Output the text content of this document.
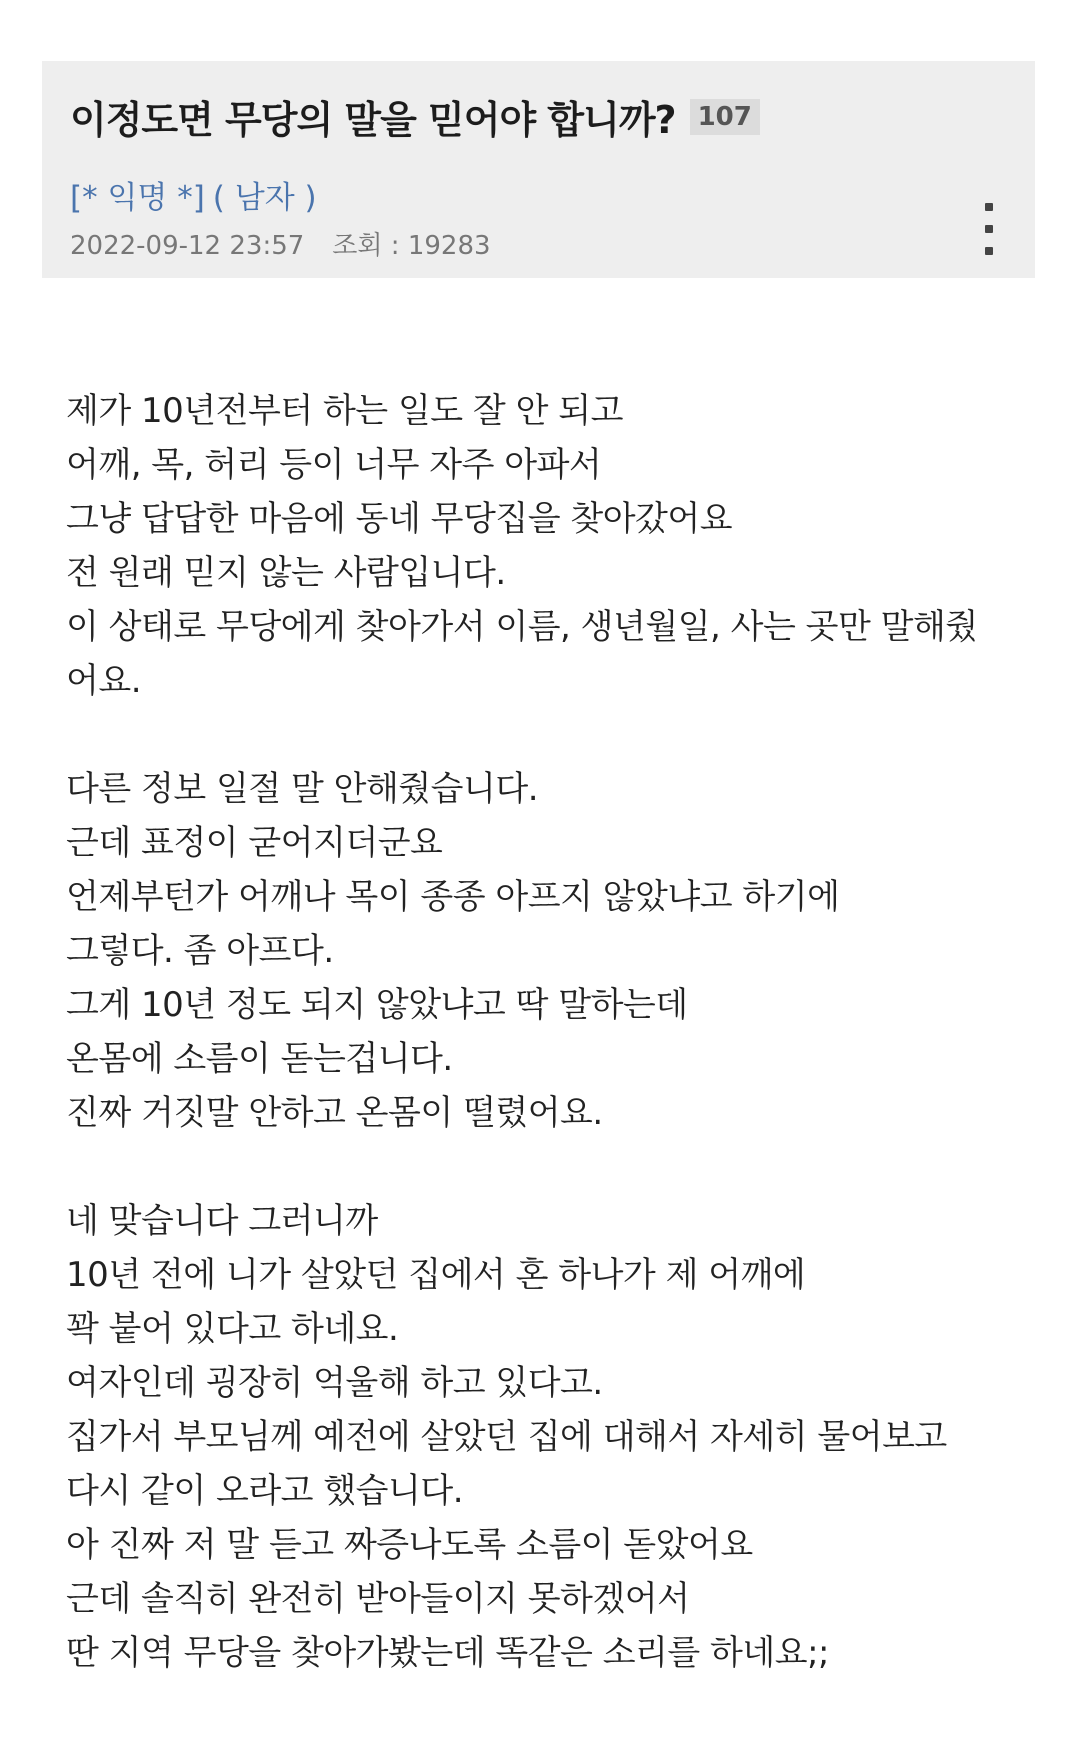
이정도면 무당의 말을 믿어야 합니까? 107
[* 익명 *] ( 남자 )
2022-09-12 23:57 조회 : 19283
제가 10년전부터 하는 일도 잘 안 되고
어깨, 목, 허리 등이 너무 자주 아파서
그냥 답답한 마음에 동네 무당집을 찾아갔어요
전 원래 믿지 않는 사람입니다.
이 상태로 무당에게 찾아가서 이름, 생년월일, 사는 곳만 말해줬
어요.
다른 정보 일절 말 안해줬습니다.
근데 표정이 굳어지더군요
언제부턴가 어깨나 목이 종종 아프지 않았냐고 하기에
그렇다. 좀 아프다.
그게 10년 정도 되지 않았냐고 딱 말하는데
온몸에 소름이 돋는겁니다.
진짜 거짓말 안하고 온몸이 떨렸어요.
네 맞습니다 그러니까
10년 전에 니가 살았던 집에서 혼 하나가 제 어깨에
꽉 붙어 있다고 하네요.
여자인데 굉장히 억울해 하고 있다고.
집가서 부모님께 예전에 살았던 집에 대해서 자세히 물어보고
다시 같이 오라고 했습니다.
아 진짜 저 말 듣고 짜증나도록 소름이 돋았어요
근데 솔직히 완전히 받아들이지 못하겠어서
딴 지역 무당을 찾아가봤는데 똑같은 소리를 하네요;;
